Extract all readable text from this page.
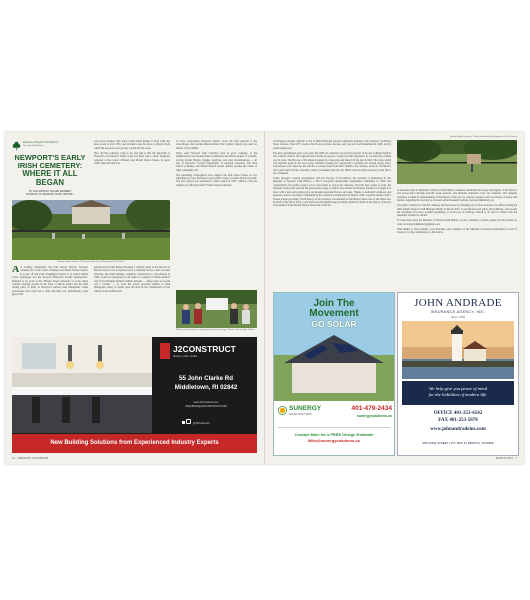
Museum of Newport Irish History
Newport Irish History
NEWPORT'S EARLY
IRISH CEMETERY:
WHERE IT ALL
BEGAN
BY ANN ARNOLD, BOARD MEMBER
MUSEUM OF NEWPORT IRISH HISTORY

were never marked. The oldest extant burial marker is from 1830, the most recent is from 1855, and in many cases the place is inferred from which the deceased were gravely carried into the stone.

How did this cemetery come to be, and why is this site important to Newport's rich history? While today one finds only a small, neglected cemetery at the corner of Barney and Mount Vernon Streets, in April, 1828, when the land was

of town, overlooking Newport's harbor. Soon, the land adjacent to the schoolhouse, that became Rhode Island's first Catholic church, was used for burials of the faithful.

Those early Newport Irish Catholics were in good company, as the neighborhood was already home to numerous and diverse houses of worship, serving Jewish, Baptist, Quaker, Anglican, and other denominations — all part of Newport's "Lively Experiment" in religious toleration. The little church at Barney and Mount Vernon Streets quickly became the center of daily community life.

The expanding congregation soon outgrew the little school house, so two adjoining lots were purchased, upon which a larger wooden church was built. The new church was dedicated to Saint Joseph in 1837, which is why the cemetery is officially named "Saint Joseph Cemetery."

Barney Street Cemetery | Photo provided by the Museum of Irish History

A A lovingly maintained, but little known historic Newport cemetery sits at the corner of Barney and Mount Vernon Streets. It is just off and from Washington Square. It is tucked behind Touro Synagogue and the Newport Historical Society headquarters. Referred to by locals as the "Barney Street Cemetery," it is the oldest Catholic burying ground in the State of Rhode Island and the final resting place of many of Newport's earliest Irish immigrants. Some gravestones have been lost to time and there are, undoubtedly, some graves that

purchased by Father Robert Woodley, a Catholic priest of the Diocese of Boston, the plot was occupied, not by a cemetery, but by a rustic wooden structure. The small building, originally constructed as a schoolhouse in 1809, would be repurposed as the house of worship for Rhode Island's very first permanent Roman Catholic mission — when today, we would call a "parish" — to serve the town's growing number of Irish immigrants, many of whom were involved in the construction of Fort Adams at the southern end

Museum board members standing around the new sign | Photo credit Jennifer Carter
J2CONSTRUCT
dream. plan. build.
55 John Clarke Rd
Middletown, RI 02842
www.J2construct.com
INQUIRIES@J2CONSTRUCT.COM
@J2Construct
New Building Solutions from Experienced Industry Experts
14 · NEWPORT NEIGHBORS

on Kingston Avenue, adjacent to the Common Burying Ground, ultimately leading to the cemetery on Barney Street obsolete. The 1837 wooden church also became obsolete, and was sold and dismantled in 1848, and its parish repurposed.

The next one hundred years were quiet. By 1960, the cemetery was nearly forgotten as the site of Rhode Island's first Catholic church. The neglected site became an eyesore, overgrown with vegetation, its wooden fence falling over in spots. The Diocese of Providence stepped in, cleaned up and fenced off the site in 1962. The work, which was repeated again in the local press, included clearing the overgrowth, re-grading the leveled grassy areas. Gravestones were taken up and laid flat to protect them from theft. Within a few decades, however, the historic site would again fall into obscurity, where it remained until the late 1990s when the little cemetery would find a new champion.

Today, through a special arrangement with the Diocese of Providence, the cemetery is maintained by the Museum of Newport Irish History, a 501c3 non-profit membership organization established in 1996. The organization's first public project was to raise funds to restore the cemetery. Over the next couple of years, the museum cleaned and restored the gravestones, many of which were turned and broken, installed a wrought iron fence with a gate and granite posts and planted perennial flowers and trees. Thanks to dedicated volunteers and generous donors, the project culminated in the cemetery's rededication in March, 1999. A granite marker with a bronze plaque providing a brief history of the cemetery was installed on the Barney Street side of the burial site. In 2018, in the fall of 2021, a new historical information sign providing additional detail on the history of the site was installed on the Mount Vernon Street side of the lot.

Barney Street Cemetery | Photo provided by the Museum of Irish History

A dedicated team of Museum of Newport Irish History volunteers maintains the beauty and dignity of this historic and sacred place through periodic weed sessions, and financial donations cover any expenses. The museum continues to build its understanding of the history of the site via ongoing research, and record-ings of stories and features regarding the site may be accessed on the museum's website, newportirishhistory.org.

The public is invited to visit the cemetery and learn more by attending one of three lectures to be offered during the 30th Annual Newport Irish Heritage Month, in March 2023. Local historian and guide, Steve Marino, will present the 45-minute free tours, weather permitting, at 12:30 p.m. on Sundays, March 6, 20, and 27. Please visit the museum's website for details.

To learn more about the Museum of Newport Irish History, to join, volunteer or donate, please visit the website or write to newportirishhistory@gmail.com.

With thanks to Steve Marino, local historian, and a member of the Museum of Newport Irish History board of directors, for his contributions to this article.

Join The
Movement
GO SOLAR
SUNERGY
SOLAR SOLUTIONS
401-479-2434
sunergysolutions.us
Contact Mike for a FREE Design Estimate
Mike@sunergysolutions.us
JOHN ANDRADE
INSURANCE AGENCY, INC.
Since 1958
We help give you peace of mind
for the liabilities of modern life.
OFFICE 401-253-6542
FAX 401-253-5078
www.johnandradeins.com
559 HOPE STREET | P.O. BOX 8 | BRISTOL, RI 02809
MARCH 2023 · 7
